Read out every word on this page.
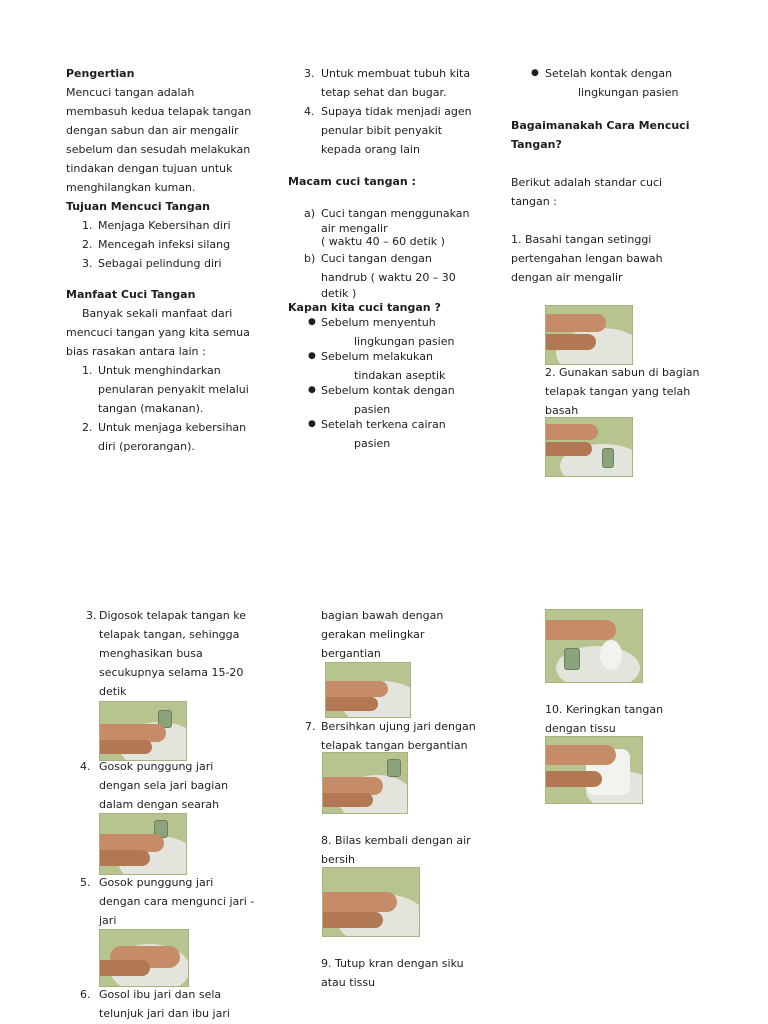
Pengertian
Mencuci tangan adalah
membasuh kedua telapak tangan
dengan sabun dan air mengalir
sebelum dan sesudah melakukan
tindakan dengan tujuan untuk
menghilangkan kuman.
Tujuan Mencuci Tangan
1. Menjaga Kebersihan diri
2. Mencegah infeksi silang
3. Sebagai pelindung diri
Manfaat Cuci Tangan
Banyak sekali manfaat dari
mencuci tangan yang kita semua
bias rasakan antara lain :
1. Untuk menghindarkan
penularan penyakit melalui
tangan (makanan).
2. Untuk menjaga kebersihan
diri (perorangan).
3. Untuk membuat tubuh kita
tetap sehat dan bugar.
4. Supaya tidak menjadi agen
penular bibit penyakit
kepada orang lain
Macam cuci tangan :
a) Cuci tangan menggunakan
air mengalir
( waktu 40 – 60 detik )
b) Cuci tangan dengan
handrub ( waktu 20 – 30
detik )
Kapan kita cuci tangan ?
● Sebelum menyentuh
lingkungan pasien
● Sebelum melakukan
tindakan aseptik
● Sebelum kontak dengan
pasien
● Setelah terkena cairan
pasien
● Setelah kontak dengan
lingkungan pasien
Bagaimanakah Cara Mencuci
Tangan?
Berikut adalah standar cuci
tangan :
1. Basahi tangan setinggi
pertengahan lengan bawah
dengan air mengalir
2. Gunakan sabun di bagian
telapak tangan yang telah
basah
3. Digosok telapak tangan ke
telapak tangan, sehingga
menghasikan busa
secukupnya selama 15-20
detik
4. Gosok punggung jari
dengan sela jari bagian
dalam dengan searah
5. Gosok punggung jari
dengan cara mengunci jari -
jari
6. Gosol ibu jari dan sela
telunjuk jari dan ibu jari
bagian bawah dengan
gerakan melingkar
bergantian
7. Bersihkan ujung jari dengan
telapak tangan bergantian
8. Bilas kembali dengan air
bersih
9. Tutup kran dengan siku
atau tissu
10. Keringkan tangan
dengan tissu
